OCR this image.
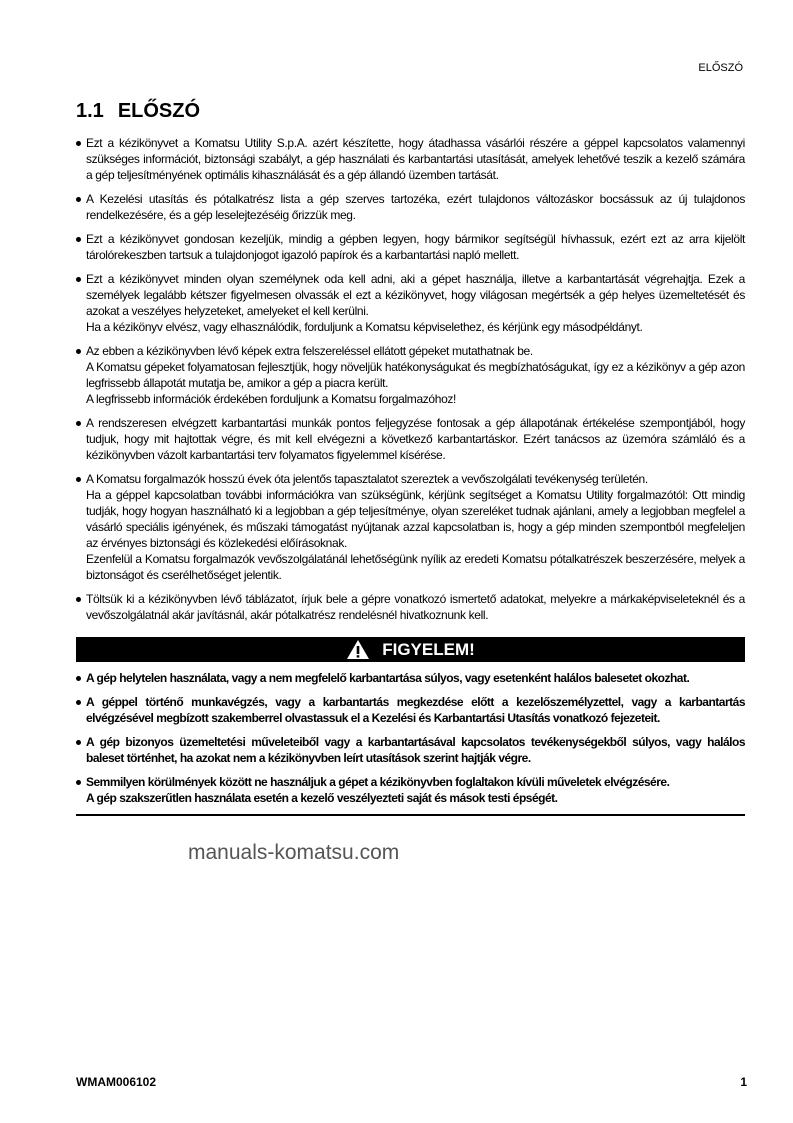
ELŐSZÓ
1.1 ELŐSZÓ

Ezt a kézikönyvet a Komatsu Utility S.p.A. azért készítette, hogy átadhassa vásárlói részére a géppel kapcsolatos valamennyi szükséges információt, biztonsági szabályt, a gép használati és karbantartási utasítását, amelyek lehetővé teszik a kezelő számára a gép teljesítményének optimális kihasználását és a gép állandó üzemben tartását.

A Kezelési utasítás és pótalkatrész lista a gép szerves tartozéka, ezért tulajdonos változáskor bocsássuk az új tulajdonos rendelkezésére, és a gép leselejtezéséig őrizzük meg.

Ezt a kézikönyvet gondosan kezeljük, mindig a gépben legyen, hogy bármikor segítségül hívhassuk, ezért ezt az arra kijelölt tárolórekeszben tartsuk a tulajdonjogot igazoló papírok és a karbantartási napló mellett.

Ezt a kézikönyvet minden olyan személynek oda kell adni, aki a gépet használja, illetve a karbantartását végrehajtja. Ezek a személyek legalább kétszer figyelmesen olvassák el ezt a kézikönyvet, hogy világosan megértsék a gép helyes üzemeltetését és azokat a veszélyes helyzeteket, amelyeket el kell kerülni.

Ha a kézikönyv elvész, vagy elhasználódik, forduljunk a Komatsu képviselethez, és kérjünk egy másodpéldányt.

Az ebben a kézikönyvben lévő képek extra felszereléssel ellátott gépeket mutathatnak be.

A Komatsu gépeket folyamatosan fejlesztjük, hogy növeljük hatékonyságukat és megbízhatóságukat, így ez a kézikönyv a gép azon legfrissebb állapotát mutatja be, amikor a gép a piacra került.

A legfrissebb információk érdekében forduljunk a Komatsu forgalmazóhoz!

A rendszeresen elvégzett karbantartási munkák pontos feljegyzése fontosak a gép állapotának értékelése szempontjából, hogy tudjuk, hogy mit hajtottak végre, és mit kell elvégezni a következő karbantartáskor. Ezért tanácsos az üzemóra számláló és a kézikönyvben vázolt karbantartási terv folyamatos figyelemmel kísérése.

A Komatsu forgalmazók hosszú évek óta jelentős tapasztalatot szereztek a vevőszolgálati tevékenység területén.

Ha a géppel kapcsolatban további információkra van szükségünk, kérjünk segítséget a Komatsu Utility forgalmazótól: Ott mindig tudják, hogy hogyan használható ki a legjobban a gép teljesítménye, olyan szereléket tudnak ajánlani, amely a legjobban megfelel a vásárló speciális igényének, és műszaki támogatást nyújtanak azzal kapcsolatban is, hogy a gép minden szempontból megfeleljen az érvényes biztonsági és közlekedési előírásoknak.

Ezenfelül a Komatsu forgalmazók vevőszolgálatánál lehetőségünk nyílik az eredeti Komatsu pótalkatrészek beszerzésére, melyek a biztonságot és cserélhetőséget jelentik.

Töltsük ki a kézikönyvben lévő táblázatot, írjuk bele a gépre vonatkozó ismertető adatokat, melyekre a márkaképviseleteknél és a vevőszolgálatnál akár javításnál, akár pótalkatrész rendelésnél hivatkoznunk kell.

FIGYELEM!

A gép helytelen használata, vagy a nem megfelelő karbantartása súlyos, vagy esetenként halálos balesetet okozhat.

A géppel történő munkavégzés, vagy a karbantartás megkezdése előtt a kezelőszemélyzettel, vagy a karbantartás elvégzésével megbízott szakemberrel olvastassuk el a Kezelési és Karbantartási Utasítás vonatkozó fejezeteit.

A gép bizonyos üzemeltetési műveleteiből vagy a karbantartásával kapcsolatos tevékenységekből súlyos, vagy halálos baleset történhet, ha azokat nem a kézikönyvben leírt utasítások szerint hajtják végre.

Semmilyen körülmények között ne használjuk a gépet a kézikönyvben foglaltakon kívüli műveletek elvégzésére.

A gép szakszerűtlen használata esetén a kezelő veszélyezteti saját és mások testi épségét.

manuals-komatsu.com
WMAM006102	1
